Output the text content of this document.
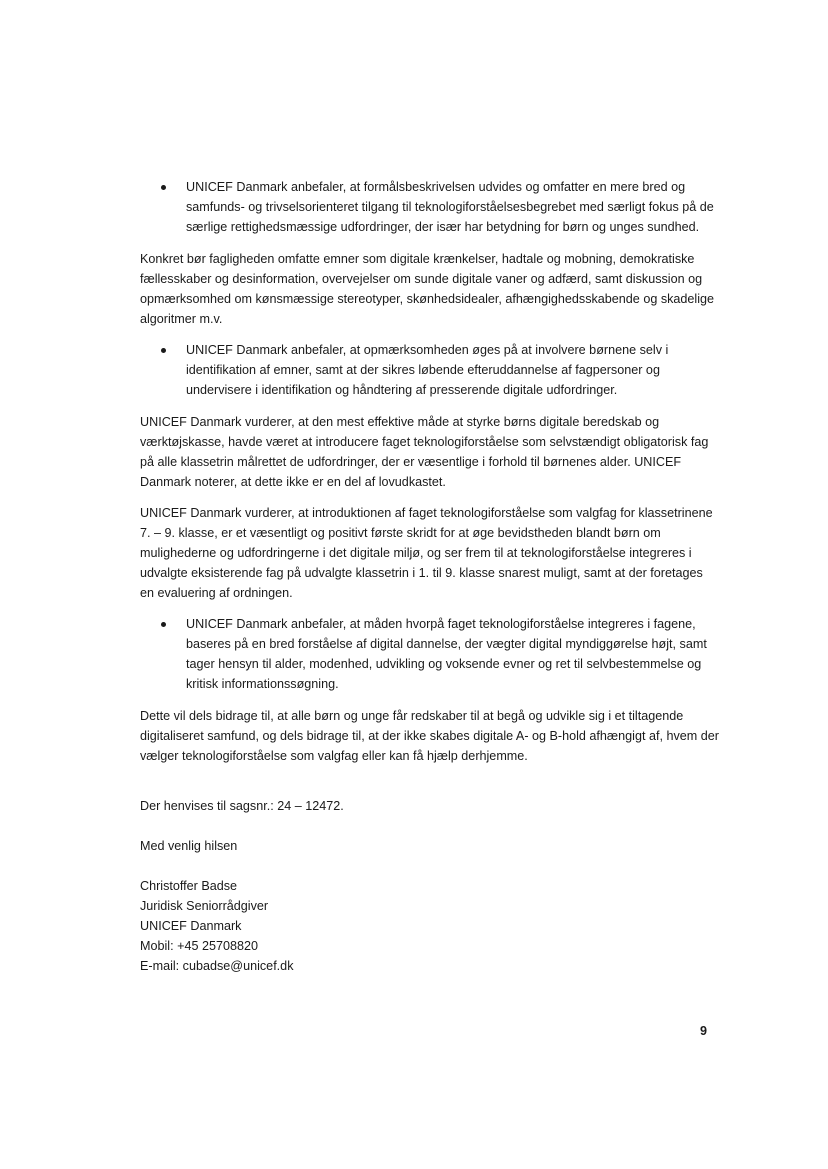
UNICEF Danmark anbefaler, at formålsbeskrivelsen udvides og omfatter en mere bred og samfunds- og trivselsorienteret tilgang til teknologiforståelsesbegrebet med særligt fokus på de særlige rettighedsmæssige udfordringer, der især har betydning for børn og unges sundhed.

Konkret bør fagligheden omfatte emner som digitale krænkelser, hadtale og mobning, demokratiske fællesskaber og desinformation, overvejelser om sunde digitale vaner og adfærd, samt diskussion og opmærksomhed om kønsmæssige stereotyper, skønhedsidealer, afhængighedsskabende og skadelige algoritmer m.v.

UNICEF Danmark anbefaler, at opmærksomheden øges på at involvere børnene selv i identifikation af emner, samt at der sikres løbende efteruddannelse af fagpersoner og undervisere i identifikation og håndtering af presserende digitale udfordringer.

UNICEF Danmark vurderer, at den mest effektive måde at styrke børns digitale beredskab og værktøjskasse, havde været at introducere faget teknologiforståelse som selvstændigt obligatorisk fag på alle klassetrin målrettet de udfordringer, der er væsentlige i forhold til børnenes alder. UNICEF Danmark noterer, at dette ikke er en del af lovudkastet.

UNICEF Danmark vurderer, at introduktionen af faget teknologiforståelse som valgfag for klassetrinene 7. – 9. klasse, er et væsentligt og positivt første skridt for at øge bevidstheden blandt børn om mulighederne og udfordringerne i det digitale miljø, og ser frem til at teknologiforståelse integreres i udvalgte eksisterende fag på udvalgte klassetrin i 1. til 9. klasse snarest muligt, samt at der foretages en evaluering af ordningen.

UNICEF Danmark anbefaler, at måden hvorpå faget teknologiforståelse integreres i fagene, baseres på en bred forståelse af digital dannelse, der vægter digital myndiggørelse højt, samt tager hensyn til alder, modenhed, udvikling og voksende evner og ret til selvbestemmelse og kritisk informationssøgning.

Dette vil dels bidrage til, at alle børn og unge får redskaber til at begå og udvikle sig i et tiltagende digitaliseret samfund, og dels bidrage til, at der ikke skabes digitale A- og B-hold afhængigt af, hvem der vælger teknologiforståelse som valgfag eller kan få hjælp derhjemme.

Der henvises til sagsnr.: 24 – 12472.
Med venlig hilsen
Christoffer Badse
Juridisk Seniorrådgiver
UNICEF Danmark
Mobil: +45 25708820
E-mail: cubadse@unicef.dk
9
